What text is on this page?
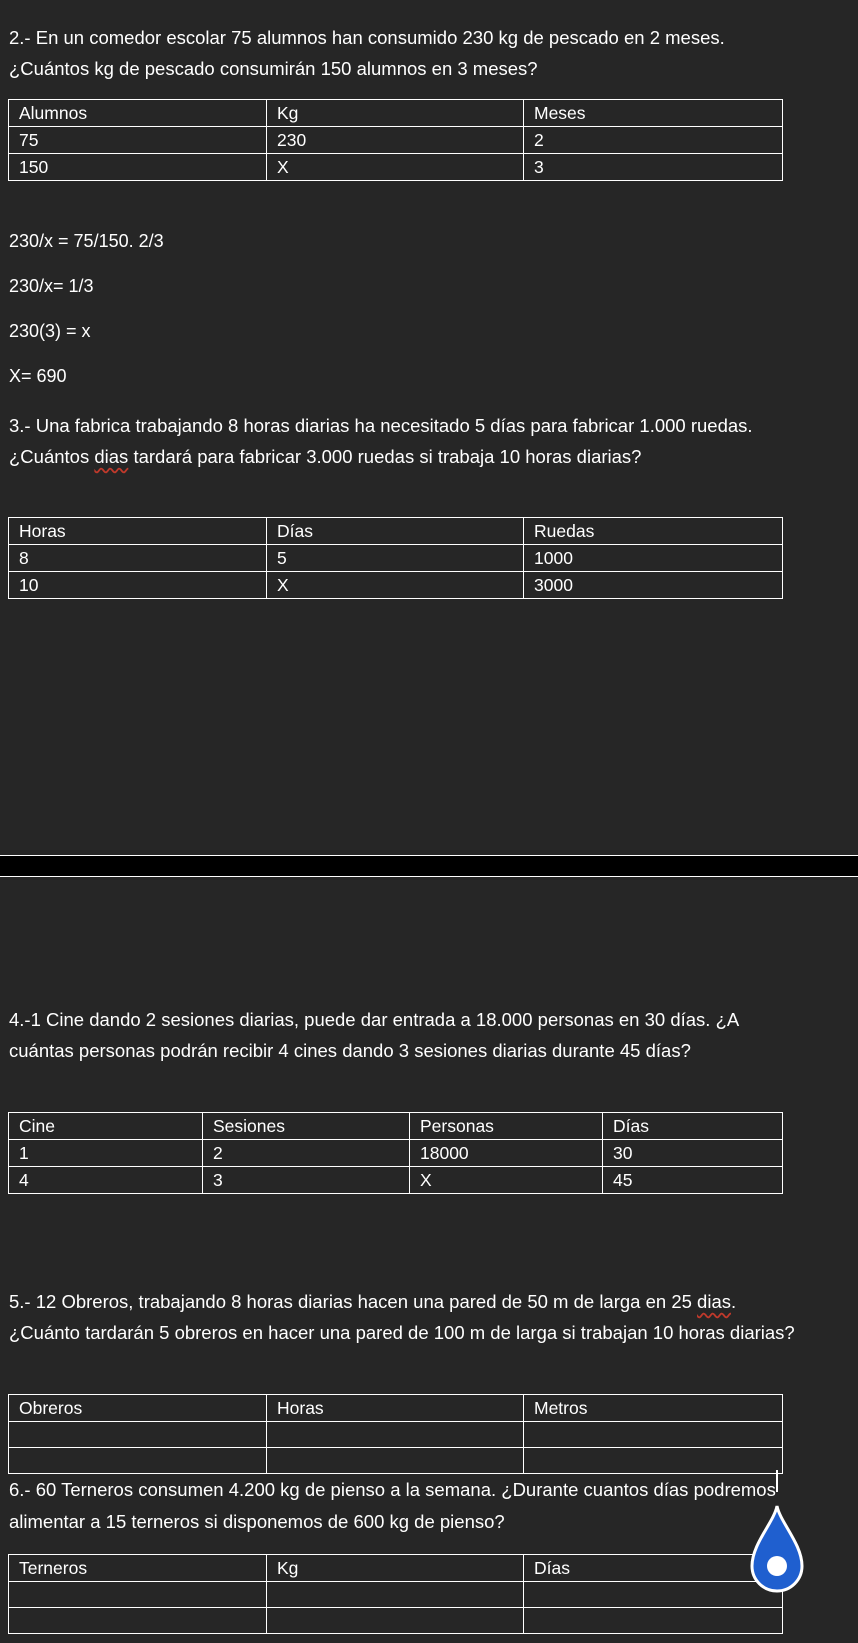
2.- En un comedor escolar 75 alumnos han consumido 230 kg de pescado en 2 meses. ¿Cuántos kg de pescado consumirán 150 alumnos en 3 meses?

Alumnos	Kg	Meses
75	230	2
150	X	3

230/x = 75/150. 2/3

230/x= 1/3

230(3) = x

X= 690

3.- Una fabrica trabajando 8 horas diarias ha necesitado 5 días para fabricar 1.000 ruedas. ¿Cuántos dias tardará para fabricar 3.000 ruedas si trabaja 10 horas diarias?

Horas	Días	Ruedas
8	5	1000
10	X	3000

4.-1 Cine dando 2 sesiones diarias, puede dar entrada a 18.000 personas en 30 días. ¿A cuántas personas podrán recibir 4 cines dando 3 sesiones diarias durante 45 días?

Cine	Sesiones	Personas	Días
1	2	18000	30
4	3	X	45

5.- 12 Obreros, trabajando 8 horas diarias hacen una pared de 50 m de larga en 25 dias. ¿Cuánto tardarán 5 obreros en hacer una pared de 100 m de larga si trabajan 10 horas diarias?

Obreros	Horas	Metros

6.- 60 Terneros consumen 4.200 kg de pienso a la semana. ¿Durante cuantos días podremos alimentar a 15 terneros si disponemos de 600 kg de pienso?

Terneros	Kg	Días
